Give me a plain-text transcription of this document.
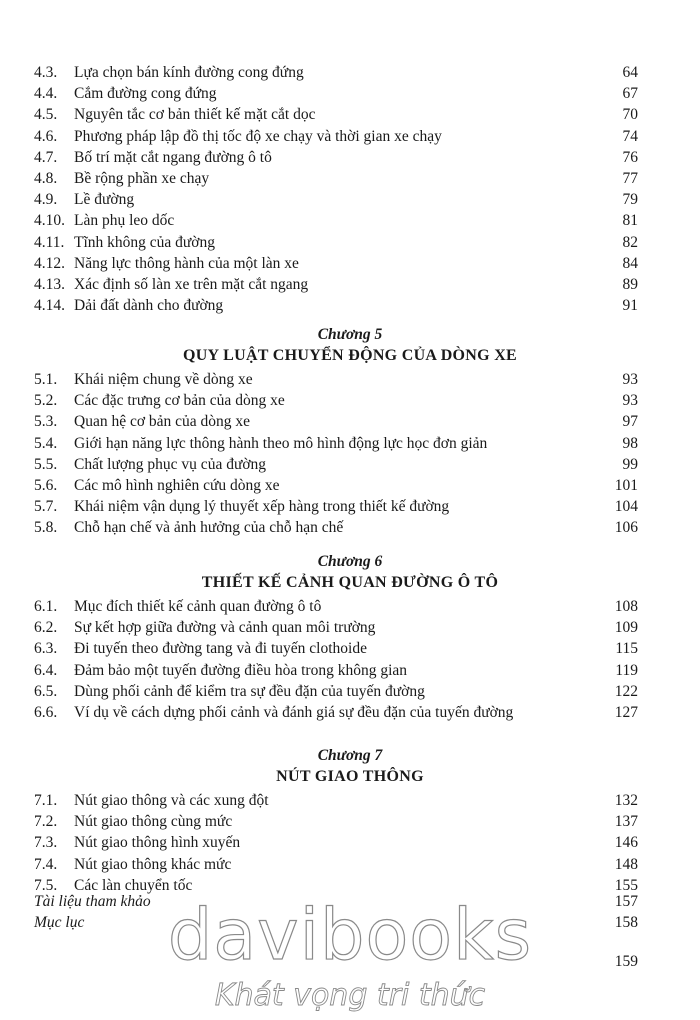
4.3. Lựa chọn bán kính đường cong đứng	64
4.4. Cắm đường cong đứng	67
4.5. Nguyên tắc cơ bản thiết kế mặt cắt dọc	70
4.6. Phương pháp lập đồ thị tốc độ xe chạy và thời gian xe chạy	74
4.7. Bố trí mặt cắt ngang đường ô tô	76
4.8. Bề rộng phần xe chạy	77
4.9. Lề đường	79
4.10. Làn phụ leo dốc	81
4.11. Tĩnh không của đường	82
4.12. Năng lực thông hành của một làn xe	84
4.13. Xác định số làn xe trên mặt cắt ngang	89
4.14. Dải đất dành cho đường	91
Chương 5
QUY LUẬT CHUYỂN ĐỘNG CỦA DÒNG XE
5.1. Khái niệm chung về dòng xe	93
5.2. Các đặc trưng cơ bản của dòng xe	93
5.3. Quan hệ cơ bản của dòng xe	97
5.4. Giới hạn năng lực thông hành theo mô hình động lực học đơn giản	98
5.5. Chất lượng phục vụ của đường	99
5.6. Các mô hình nghiên cứu dòng xe	101
5.7. Khái niệm vận dụng lý thuyết xếp hàng trong thiết kế đường	104
5.8. Chỗ hạn chế và ảnh hưởng của chỗ hạn chế	106
Chương 6
THIẾT KẾ CẢNH QUAN ĐƯỜNG Ô TÔ
6.1. Mục đích thiết kế cảnh quan đường ô tô	108
6.2. Sự kết hợp giữa đường và cảnh quan môi trường	109
6.3. Đi tuyến theo đường tang và đi tuyến clothoide	115
6.4. Đảm bảo một tuyến đường điều hòa trong không gian	119
6.5. Dùng phối cảnh để kiểm tra sự đều đặn của tuyến đường	122
6.6. Ví dụ về cách dựng phối cảnh và đánh giá sự đều đặn của tuyến đường	127
Chương 7
NÚT GIAO THÔNG
7.1. Nút giao thông và các xung đột	132
7.2. Nút giao thông cùng mức	137
7.3. Nút giao thông hình xuyến	146
7.4. Nút giao thông khác mức	148
7.5. Các làn chuyển tốc	155
Tài liệu tham khảo	157
Mục lục	158
159
davibooks
Khát vọng tri thức
